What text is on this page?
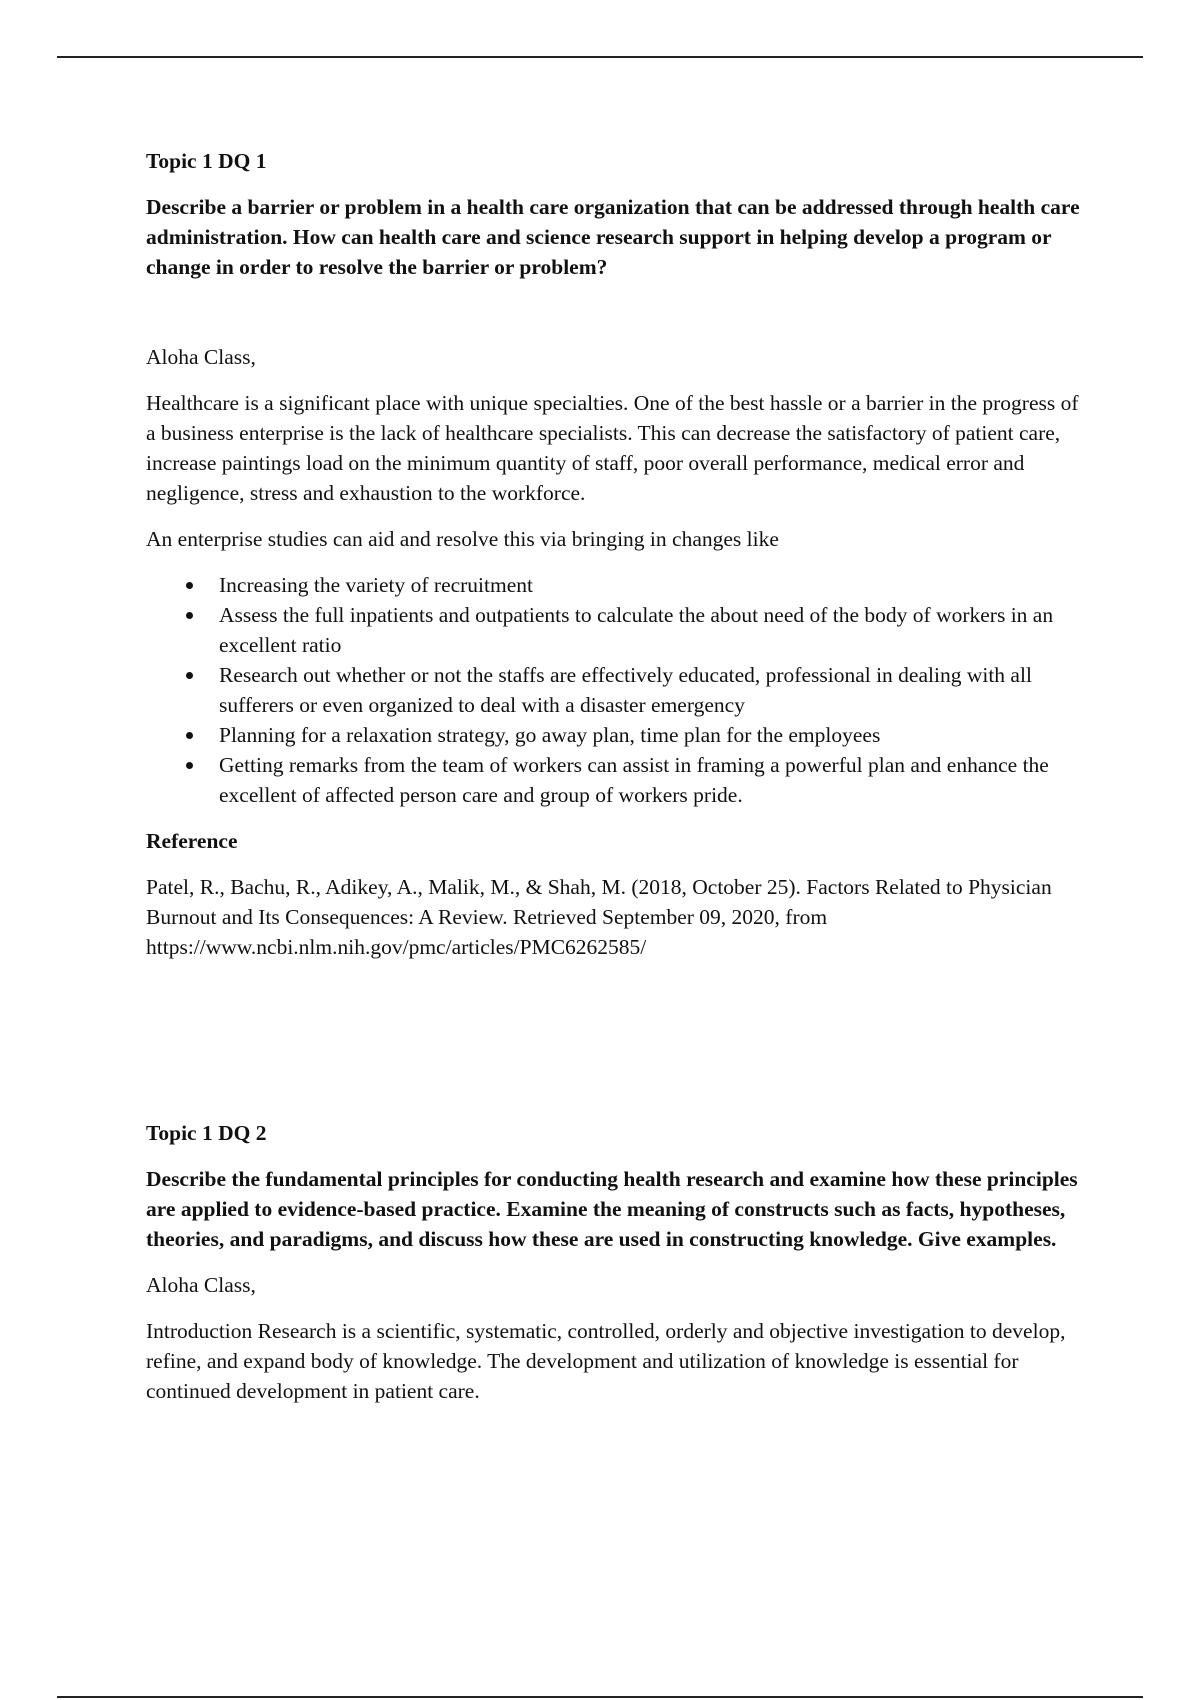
Topic 1 DQ 1
Describe a barrier or problem in a health care organization that can be addressed through health care administration. How can health care and science research support in helping develop a program or change in order to resolve the barrier or problem?
Aloha Class,
Healthcare is a significant place with unique specialties. One of the best hassle or a barrier in the progress of a business enterprise is the lack of healthcare specialists. This can decrease the satisfactory of patient care, increase paintings load on the minimum quantity of staff, poor overall performance, medical error and negligence, stress and exhaustion to the workforce.
An enterprise studies can aid and resolve this via bringing in changes like
Increasing the variety of recruitment
Assess the full inpatients and outpatients to calculate the about need of the body of workers in an excellent ratio
Research out whether or not the staffs are effectively educated, professional in dealing with all sufferers or even organized to deal with a disaster emergency
Planning for a relaxation strategy, go away plan, time plan for the employees
Getting remarks from the team of workers can assist in framing a powerful plan and enhance the excellent of affected person care and group of workers pride.
Reference
Patel, R., Bachu, R., Adikey, A., Malik, M., & Shah, M. (2018, October 25). Factors Related to Physician Burnout and Its Consequences: A Review. Retrieved September 09, 2020, from https://www.ncbi.nlm.nih.gov/pmc/articles/PMC6262585/
Topic 1 DQ 2
Describe the fundamental principles for conducting health research and examine how these principles are applied to evidence-based practice. Examine the meaning of constructs such as facts, hypotheses, theories, and paradigms, and discuss how these are used in constructing knowledge. Give examples.
Aloha Class,
Introduction Research is a scientific, systematic, controlled, orderly and objective investigation to develop, refine, and expand body of knowledge. The development and utilization of knowledge is essential for continued development in patient care.
